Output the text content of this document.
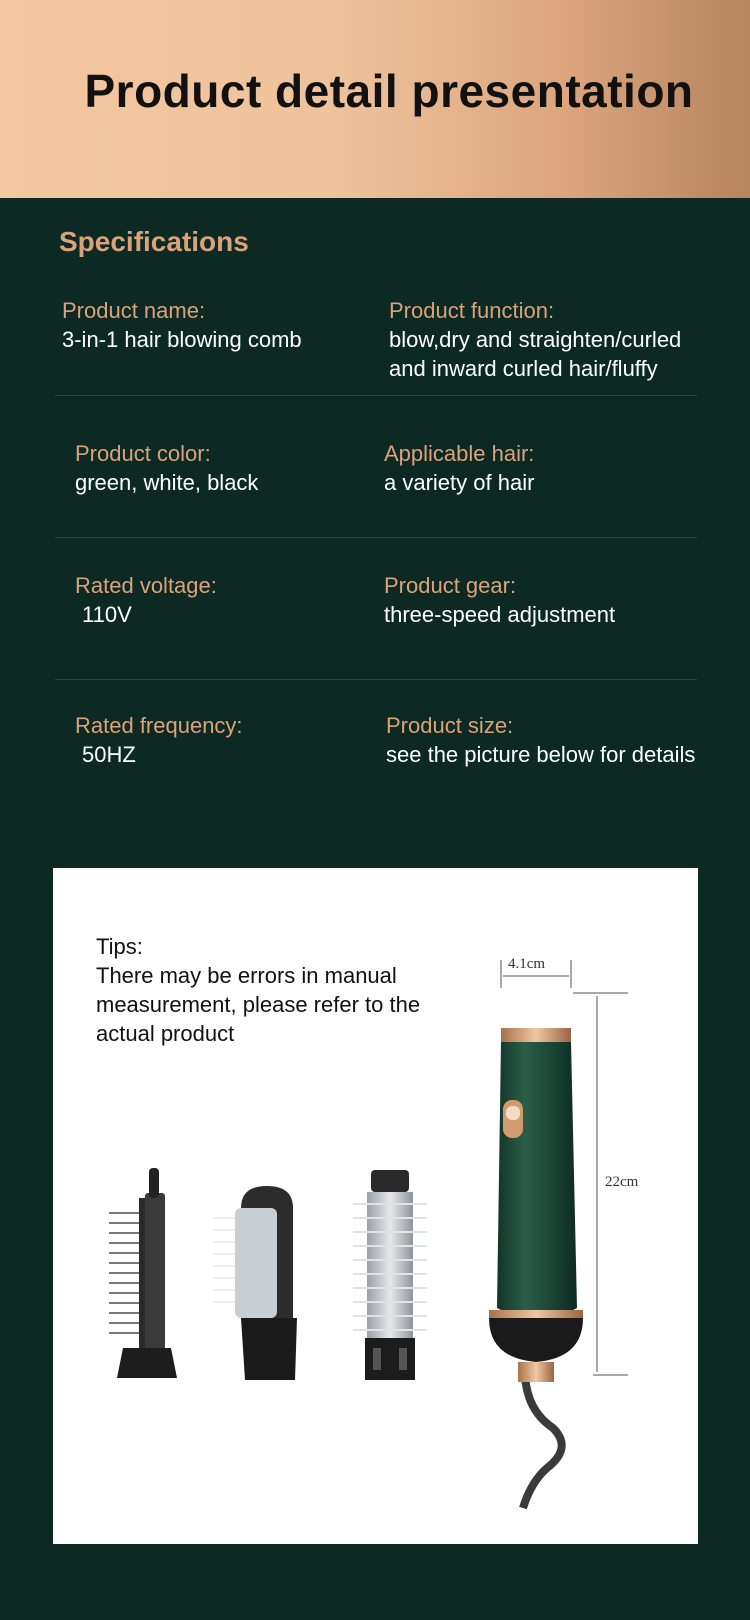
Product detail presentation
Specifications
Product name:
3-in-1 hair blowing comb
Product function:
blow,dry and straighten/curled
and inward curled hair/fluffy
Product color:
green, white, black
Applicable hair:
a variety of hair
Rated voltage:
110V
Product gear:
three-speed adjustment
Rated frequency:
50HZ
Product size:
see the picture below for details
Tips:
There may be errors in manual
measurement, please refer to the
actual product
4.1cm
22cm
